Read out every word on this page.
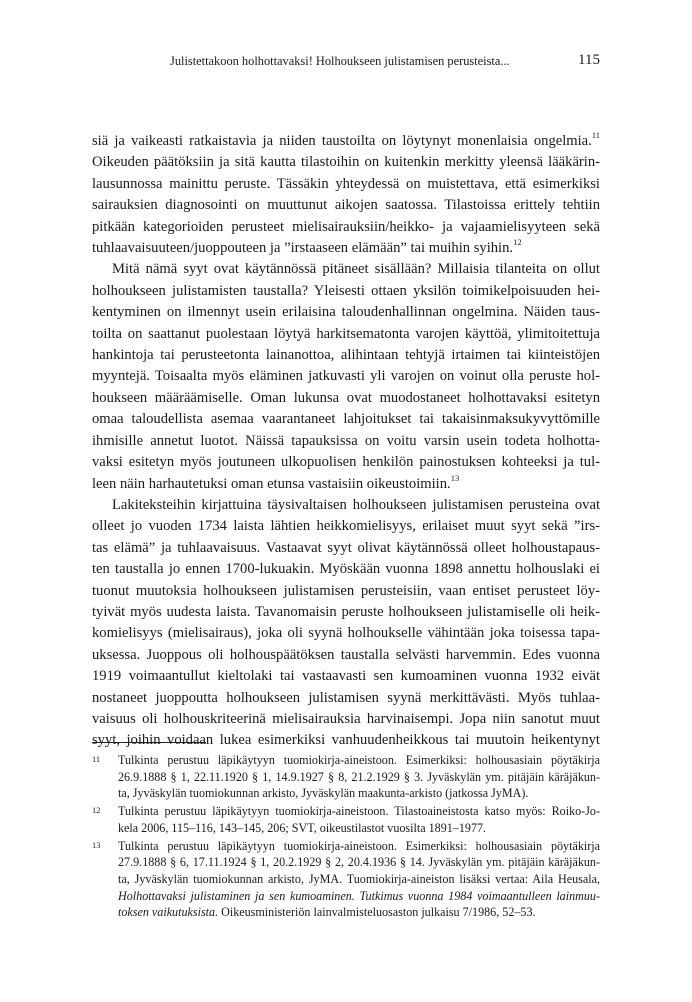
Julistettakoon holhottavaksi! Holhoukseen julistamisen perusteista...	115
siä ja vaikeasti ratkaistavia ja niiden taustoilta on löytynyt monenlaisia ongelmia.$^{11}$
Oikeuden päätöksiin ja sitä kautta tilastoihin on kuitenkin merkitty yleensä lääkärin-
lausunnossa mainittu peruste. Tässäkin yhteydessä on muistettava, että esimerkiksi
sairauksien diagnosointi on muuttunut aikojen saatossa. Tilastoissa erittely tehtiin
pitkään kategorioiden perusteet mielisairauksiin/heikko- ja vajaamielisyyteen sekä
tuhlaavaisuuteen/juoppouteen ja ”irstaaseen elämään” tai muihin syihin.$^{12}$
Mitä nämä syyt ovat käytännössä pitäneet sisällään? Millaisia tilanteita on ollut
holhoukseen julistamisten taustalla? Yleisesti ottaen yksilön toimikelpoisuuden hei-
kentyminen on ilmennyt usein erilaisina taloudenhallinnan ongelmina. Näiden taus-
toilta on saattanut puolestaan löytyä harkitsematonta varojen käyttöä, ylimitoitettuja
hankintoja tai perusteetonta lainanottoa, alihintaan tehtyjä irtaimen tai kiinteistöjen
myyntejä. Toisaalta myös eläminen jatkuvasti yli varojen on voinut olla peruste hol-
houkseen määräämiselle. Oman lukunsa ovat muodostaneet holhottavaksi esitetyn
omaa taloudellista asemaa vaarantaneet lahjoitukset tai takaisinmaksukyvyttömille
ihmisille annetut luotot. Näissä tapauksissa on voitu varsin usein todeta holhotta-
vaksi esitetyn myös joutuneen ulkopuolisen henkilön painostuksen kohteeksi ja tul-
leen näin harhautetuksi oman etunsa vastaisiin oikeustoimiin.$^{13}$
Lakiteksteihin kirjattuina täysivaltaisen holhoukseen julistamisen perusteina ovat
olleet jo vuoden 1734 laista lähtien heikkomielisyys, erilaiset muut syyt sekä ”irs-
tas elämä” ja tuhlaavaisuus. Vastaavat syyt olivat käytännössä olleet holhoustapaus-
ten taustalla jo ennen 1700-lukuakin. Myöskään vuonna 1898 annettu holhouslaki ei
tuonut muutoksia holhoukseen julistamisen perusteisiin, vaan entiset perusteet löy-
tyivät myös uudesta laista. Tavanomaisin peruste holhoukseen julistamiselle oli heik-
komielisyys (mielisairaus), joka oli syynä holhoukselle vähintään joka toisessa tapa-
uksessa. Juoppous oli holhouspäätöksen taustalla selvästi harvemmin. Edes vuonna
1919 voimaantullut kieltolaki tai vastaavasti sen kumoaminen vuonna 1932 eivät
nostaneet juoppoutta holhoukseen julistamisen syynä merkittävästi. Myös tuhlaa-
vaisuus oli holhouskriteerinä mielisairauksia harvinaisempi. Jopa niin sanotut muut
syyt, joihin voidaan lukea esimerkiksi vanhuudenheikkous tai muutoin heikentynyt
11 Tulkinta perustuu läpikäytyyn tuomiokirja-aineistoon. Esimerkiksi: holhousasiain pöytäkirja
26.9.1888 § 1, 22.11.1920 § 1, 14.9.1927 § 8, 21.2.1929 § 3. Jyväskylän ym. pitäjäin käräjäkun-
ta, Jyväskylän tuomiokunnan arkisto, Jyväskylän maakunta-arkisto (jatkossa JyMA).
12 Tulkinta perustuu läpikäytyyn tuomiokirja-aineistoon. Tilastoaineistosta katso myös: Roiko-Jo-
kela 2006, 115–116, 143–145, 206; SVT, oikeustilastot vuosilta 1891–1977.
13 Tulkinta perustuu läpikäytyyn tuomiokirja-aineistoon. Esimerkiksi: holhousasiain pöytäkirja
27.9.1888 § 6, 17.11.1924 § 1, 20.2.1929 § 2, 20.4.1936 § 14. Jyväskylän ym. pitäjäin käräjäkun-
ta, Jyväskylän tuomiokunnan arkisto, JyMA. Tuomiokirja-aineiston lisäksi vertaa: Aila Heusala,
Holhottavaksi julistaminen ja sen kumoaminen. Tutkimus vuonna 1984 voimaantulleen lainmuu-
toksen vaikutuksista. Oikeusministeriön lainvalmisteluosaston julkaisu 7/1986, 52–53.
